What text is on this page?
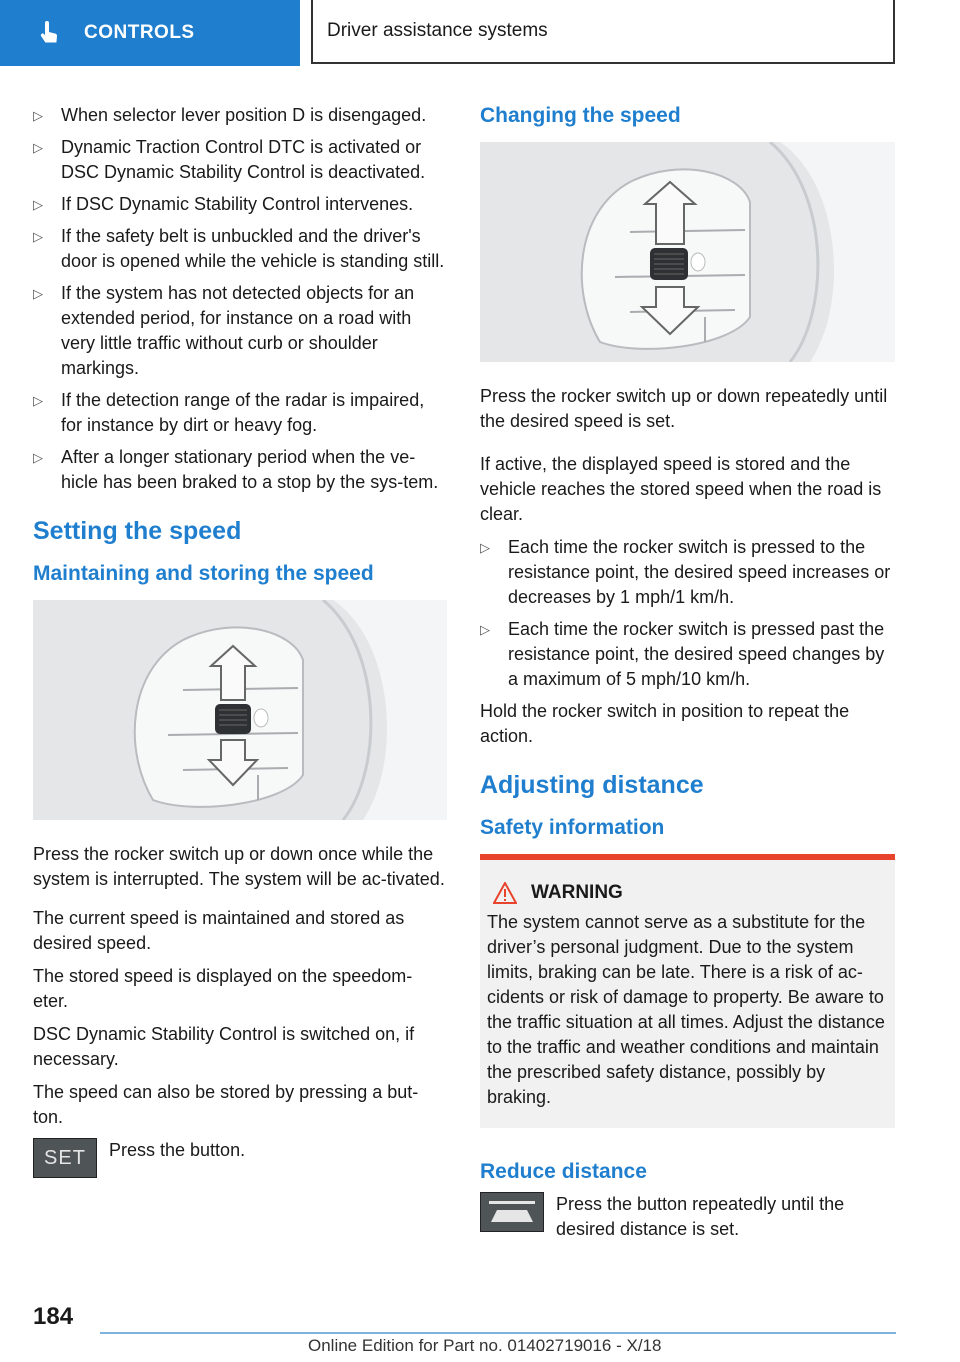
CONTROLS	Driver assistance systems
▷ When selector lever position D is disengaged.
▷ Dynamic Traction Control DTC is activated or DSC Dynamic Stability Control is deactivated.
▷ If DSC Dynamic Stability Control intervenes.
▷ If the safety belt is unbuckled and the driver's door is opened while the vehicle is standing still.
▷ If the system has not detected objects for an extended period, for instance on a road with very little traffic without curb or shoulder markings.
▷ If the detection range of the radar is impaired, for instance by dirt or heavy fog.
▷ After a longer stationary period when the ve‐hicle has been braked to a stop by the sys‐tem.
Setting the speed
Maintaining and storing the speed

Press the rocker switch up or down once while the system is interrupted. The system will be ac‐tivated.

The current speed is maintained and stored as desired speed.

The stored speed is displayed on the speedom‐eter.

DSC Dynamic Stability Control is switched on, if necessary.

The speed can also be stored by pressing a but‐ton.

SET	Press the button.
Changing the speed

Press the rocker switch up or down repeatedly until the desired speed is set.

If active, the displayed speed is stored and the vehicle reaches the stored speed when the road is clear.

▷ Each time the rocker switch is pressed to the resistance point, the desired speed increases or decreases by 1 mph/1 km/h.
▷ Each time the rocker switch is pressed past the resistance point, the desired speed changes by a maximum of 5 mph/10 km/h.

Hold the rocker switch in position to repeat the action.

Adjusting distance
Safety information
WARNING

The system cannot serve as a substitute for the driver’s personal judgment. Due to the system limits, braking can be late. There is a risk of ac‐cidents or risk of damage to property. Be aware to the traffic situation at all times. Adjust the distance to the traffic and weather conditions and maintain the prescribed safety distance, possibly by braking.

Reduce distance
Press the button repeatedly until the desired distance is set.
184
Online Edition for Part no. 01402719016 - X/18
